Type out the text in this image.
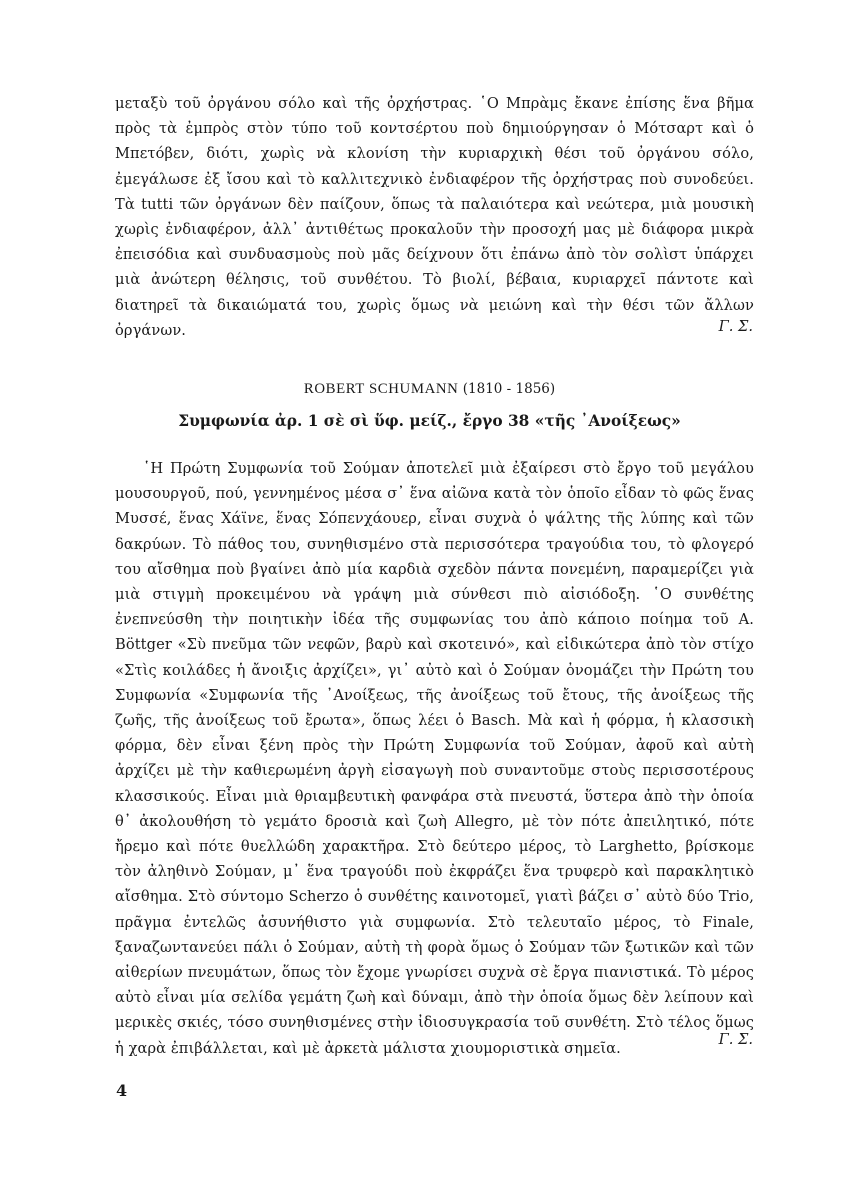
μεταξὺ τοῦ ὀργάνου σόλο καὶ τῆς ὀρχήστρας. ῾Ο Μπρὰμς ἔκανε ἐπίσης ἕνα βῆμα πρὸς τὰ ἐμπρὸς στὸν τύπο τοῦ κοντσέρτου ποὺ δημιούργησαν ὁ Μότσαρτ καὶ ὁ Μπετόβεν, διότι, χωρὶς νὰ κλονίση τὴν κυριαρχικὴ θέσι τοῦ ὀργάνου σόλο, ἐμεγάλωσε ἐξ ἴσου καὶ τὸ καλλιτεχνικὸ ἐνδιαφέρον τῆς ὀρχήστρας ποὺ συνοδεύει. Τὰ tutti τῶν ὀργάνων δὲν παίζουν, ὅπως τὰ παλαιότερα καὶ νεώτερα, μιὰ μουσικὴ χωρὶς ἐνδιαφέρον, ἀλλ᾽ ἀντιθέτως προκαλοῦν τὴν προσοχή μας μὲ διάφορα μικρὰ ἐπεισόδια καὶ συνδυασμοὺς ποὺ μᾶς δείχνουν ὅτι ἐπάνω ἀπὸ τὸν σολὶστ ὑπάρχει μιὰ ἀνώτερη θέλησις, τοῦ συνθέτου. Τὸ βιολί, βέβαια, κυριαρχεῖ πάντοτε καὶ διατηρεῖ τὰ δικαιώματά του, χωρὶς ὅμως νὰ μειώνη καὶ τὴν θέσι τῶν ἄλλων ὀργάνων.	Γ. Σ.

ROBERT SCHUMANN (1810 - 1856)

Συμφωνία ἀρ. 1 σὲ σὶ ὕφ. μείζ., ἔργο 38 «τῆς ᾿Ανοίξεως»

῾Η Πρώτη Συμφωνία τοῦ Σούμαν ἀποτελεῖ μιὰ ἐξαίρεσι στὸ ἔργο τοῦ μεγάλου μουσουργοῦ, πού, γεννημένος μέσα σ᾽ ἕνα αἰῶνα κατὰ τὸν ὁποῖο εἶδαν τὸ φῶς ἕνας Μυσσέ, ἕνας Χάϊνε, ἕνας Σόπενχάουερ, εἶναι συχνὰ ὁ ψάλτης τῆς λύπης καὶ τῶν δακρύων. Τὸ πάθος του, συνηθισμένο στὰ περισσότερα τραγούδια του, τὸ φλογερό του αἴσθημα ποὺ βγαίνει ἀπὸ μία καρδιὰ σχεδὸν πάντα πονεμένη, παραμερίζει γιὰ μιὰ στιγμὴ προκειμένου νὰ γράψη μιὰ σύνθεσι πιὸ αἰσιόδοξη. ῾Ο συνθέτης ἐνεπνεύσθη τὴν ποιητικὴν ἰδέα τῆς συμφωνίας του ἀπὸ κάποιο ποίημα τοῦ A. Böttger «Σὺ πνεῦμα τῶν νεφῶν, βαρὺ καὶ σκοτεινό», καὶ εἰδικώτερα ἀπὸ τὸν στίχο «Στὶς κοιλάδες ἡ ἄνοιξις ἀρχίζει», γι᾽ αὐτὸ καὶ ὁ Σούμαν ὀνομάζει τὴν Πρώτη του Συμφωνία «Συμφωνία τῆς ᾿Ανοίξεως, τῆς ἀνοίξεως τοῦ ἔτους, τῆς ἀνοίξεως τῆς ζωῆς, τῆς ἀνοίξεως τοῦ ἔρωτα», ὅπως λέει ὁ Basch. Μὰ καὶ ἡ φόρμα, ἡ κλασσικὴ φόρμα, δὲν εἶναι ξένη πρὸς τὴν Πρώτη Συμφωνία τοῦ Σούμαν, ἀφοῦ καὶ αὐτὴ ἀρχίζει μὲ τὴν καθιερωμένη ἀργὴ εἰσαγωγὴ ποὺ συναντοῦμε στοὺς περισσοτέρους κλασσικούς. Εἶναι μιὰ θριαμβευτικὴ φανφάρα στὰ πνευστά, ὕστερα ἀπὸ τὴν ὁποία θ᾽ ἀκολουθήση τὸ γεμάτο δροσιὰ καὶ ζωὴ Allegro, μὲ τὸν πότε ἀπειλητικό, πότε ἤρεμο καὶ πότε θυελλώδη χαρακτῆρα. Στὸ δεύτερο μέρος, τὸ Larghetto, βρίσκομε τὸν ἀληθινὸ Σούμαν, μ᾽ ἕνα τραγούδι ποὺ ἐκφράζει ἕνα τρυφερὸ καὶ παρακλητικὸ αἴσθημα. Στὸ σύντομο Scherzo ὁ συνθέτης καινοτομεῖ, γιατὶ βάζει σ᾽ αὐτὸ δύο Trio, πρᾶγμα ἐντελῶς ἀσυνήθιστο γιὰ συμφωνία. Στὸ τελευταῖο μέρος, τὸ Finale, ξαναζωντανεύει πάλι ὁ Σούμαν, αὐτὴ τὴ φορὰ ὅμως ὁ Σούμαν τῶν ξωτικῶν καὶ τῶν αἰθερίων πνευμάτων, ὅπως τὸν ἔχομε γνωρίσει συχνὰ σὲ ἔργα πιανιστικά. Τὸ μέρος αὐτὸ εἶναι μία σελίδα γεμάτη ζωὴ καὶ δύναμι, ἀπὸ τὴν ὁποία ὅμως δὲν λείπουν καὶ μερικὲς σκιές, τόσο συνηθισμένες στὴν ἰδιοσυγκρασία τοῦ συνθέτη. Στὸ τέλος ὅμως ἡ χαρὰ ἐπιβάλλεται, καὶ μὲ ἀρκετὰ μάλιστα χιουμοριστικὰ σημεῖα.

Γ. Σ.

4
